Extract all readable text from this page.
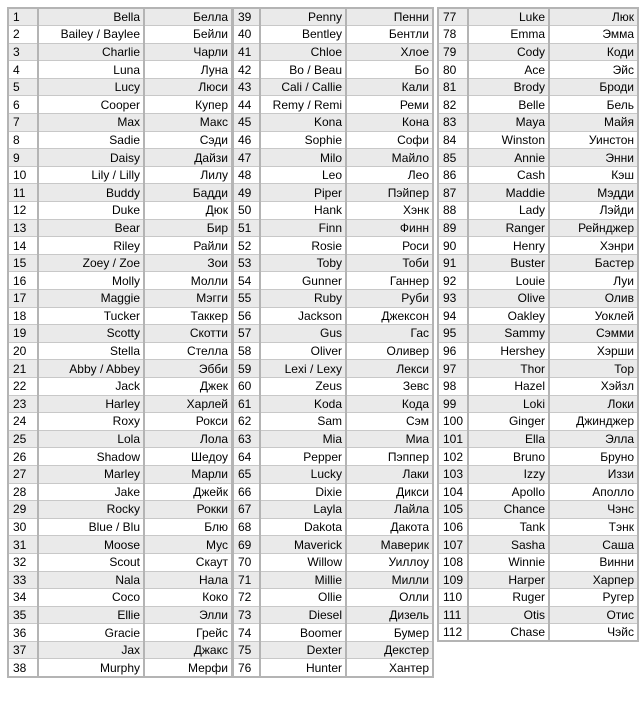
1	Bella	Белла
2	Bailey / Baylee	Бейли
3	Charlie	Чарли
4	Luna	Луна
5	Lucy	Люси
6	Cooper	Купер
7	Max	Макс
8	Sadie	Сэди
9	Daisy	Дайзи
10	Lily / Lilly	Лилу
11	Buddy	Бадди
12	Duke	Дюк
13	Bear	Бир
14	Riley	Райли
15	Zoey / Zoe	Зои
16	Molly	Молли
17	Maggie	Мэгги
18	Tucker	Таккер
19	Scotty	Скотти
20	Stella	Стелла
21	Abby / Abbey	Эбби
22	Jack	Джек
23	Harley	Харлей
24	Roxy	Рокси
25	Lola	Лола
26	Shadow	Шедоу
27	Marley	Марли
28	Jake	Джейк
29	Rocky	Рокки
30	Blue / Blu	Блю
31	Moose	Мус
32	Scout	Скаут
33	Nala	Нала
34	Coco	Коко
35	Ellie	Элли
36	Gracie	Грейс
37	Jax	Джакс
38	Murphy	Мерфи
39	Penny	Пенни
40	Bentley	Бентли
41	Chloe	Хлое
42	Bo / Beau	Бо
43	Cali / Callie	Кали
44	Remy / Remi	Реми
45	Kona	Кона
46	Sophie	Софи
47	Milo	Майло
48	Leo	Лео
49	Piper	Пэйпер
50	Hank	Хэнк
51	Finn	Финн
52	Rosie	Роси
53	Toby	Тоби
54	Gunner	Ганнер
55	Ruby	Руби
56	Jackson	Джексон
57	Gus	Гас
58	Oliver	Оливер
59	Lexi / Lexy	Лекси
60	Zeus	Зевс
61	Koda	Кода
62	Sam	Сэм
63	Mia	Миа
64	Pepper	Пэппер
65	Lucky	Лаки
66	Dixie	Дикси
67	Layla	Лайла
68	Dakota	Дакота
69	Maverick	Маверик
70	Willow	Уиллоу
71	Millie	Милли
72	Ollie	Олли
73	Diesel	Дизель
74	Boomer	Бумер
75	Dexter	Декстер
76	Hunter	Хантер
77	Luke	Люк
78	Emma	Эмма
79	Cody	Коди
80	Ace	Эйс
81	Brody	Броди
82	Belle	Бель
83	Maya	Майя
84	Winston	Уинстон
85	Annie	Энни
86	Cash	Кэш
87	Maddie	Мэдди
88	Lady	Лэйди
89	Ranger	Рейнджер
90	Henry	Хэнри
91	Buster	Бастер
92	Louie	Луи
93	Olive	Олив
94	Oakley	Уоклей
95	Sammy	Сэмми
96	Hershey	Хэрши
97	Thor	Тор
98	Hazel	Хэйзл
99	Loki	Локи
100	Ginger	Джинджер
101	Ella	Элла
102	Bruno	Бруно
103	Izzy	Иззи
104	Apollo	Аполло
105	Chance	Чэнс
106	Tank	Тэнк
107	Sasha	Саша
108	Winnie	Винни
109	Harper	Харпер
110	Ruger	Ругер
111	Otis	Отис
112	Chase	Чэйс
